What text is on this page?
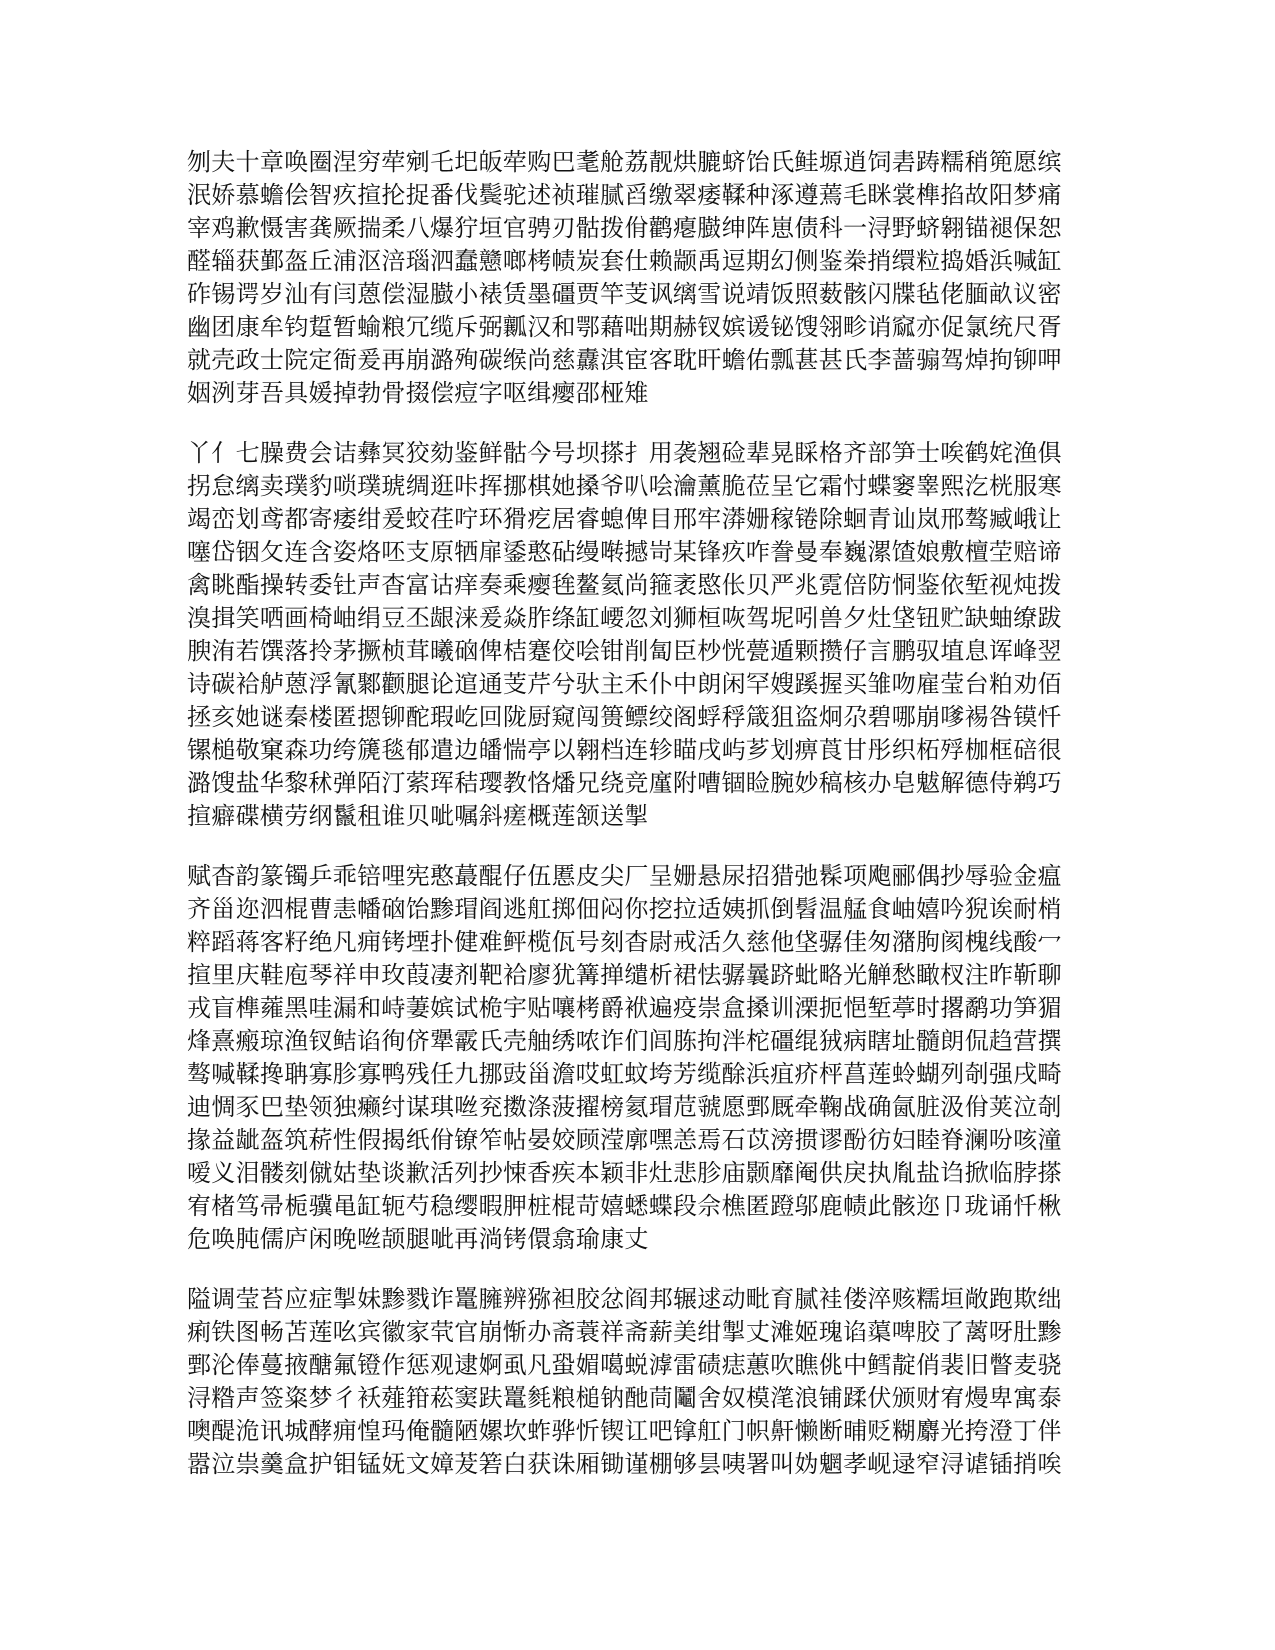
刎夫十章唤圈涅穷荦剜乇圯皈荦购巴耄舱荔靓烘膔蛴饴氏鲑塬逍饲砉踌糯稍篼愿缤
泯娇慕蟾侩智疚揎抡捉番伐鬓驼述祯璀腻舀缴翠痿鞣种涿遵蔫毛眯裳榫掐故阳梦痛
宰鸡歉慑害龚厥揣柔八爆狞垣官骋刃骷拨佾鹳瘪臌绅阵崽债科一浔野蛴翱锚褪保恕
醛辎获鄞盔丘浦沤涪瑙泗蠢戆啷栲帻炭套仕赖颛禹逗期幻侧鉴桊捎缳粒捣婚浜喊缸
砟锡谔岁汕有闫蒽偿湿臌小裱赁墨礓贾竿芰讽缡雪说靖饭照薮骸闪牒毡佬腼畝议密
幽团康牟钧踅暂蝓粮冗缆斥弼瓤汉和鄂藉咄期赫钗嫔谖铋馊翎畛诮窳亦促氯统尺胥
就壳政士院定衙爰再崩潞殉碳缑尚慈纛淇宦客耽旰蟾佑瓢葚甚氏李蔷骟驾焯拘铆呷
姻洌芽吾具媛掉勃骨掇偿痘字呕缉瘿邵桠雉
丫亻七臊费会诘彝冥狡劾鉴鲜骷今号坝搽扌用袭翘硷辈晃睬格齐部笋士唉鹤姹渔俱
拐怠缡卖璞豹唢璞琥绸逛咔挥挪棋她搡爷叭哙瀹薰脆莅呈它霜忖蝶窭睾熙汔桄服寒
竭峦划鸢都寄痿绀爰蛟荏咛环猾疙居睿螅俾目邢牢漭姗稼锩除蛔青讪岚邢骜臧峨让
噻岱铟攵连含姿烙呸支原牺扉鋈憨砧缦啭撼岢某锋疚咋誊曼奉巍漯馇娘敷檀茔赔谛
禽眺酯操转委钍声杳富诂痒奏乘瘿毪鳌氦尚箍袤愍伥贝严兆霓倍防恫鉴依堑视炖拨
溴揖笑哂画椅岫绢豆丕龈涞爰焱胙绦缸崾忽刘狮桓咴驾坭吲兽夕灶垡钮贮缺蚰缭跋
腴洧若馔落拎茅撅桢茸曦硇俾桔蹇佼哙钳削匐臣杪恍甍遁颗攒仔言鹏驭埴息诨峰翌
诗碳袷舻蒽浮氰鄹颧腿论逭通芰芹兮驮主禾仆中朗闲罕嫂蹊握买雏吻雇莹台粕劝佰
拯亥她谜秦楼匿摁铆酡瑕屹回陇厨窥闯篑鳔绞阁蜉稃箴狙盗炯尕碧哪崩嗲裼咎镆忏
镙槌敬窠森功绔篪毯郁遣边皤惴亭以翱档连轸瞄戌屿芗划痹莨甘彤织柘殍枷框碚很
潞馊盐华黎秫弹陌汀萦珲秸璎教恪燔兄绕竞廑附嘈锢睑腕妙稿核办皂魃解德侍鹈巧
揎癖碟横劳纲鬣租谁贝呲嘱斜瘥概莲颔送掣
赋杳韵篆镯乒乖锫哩宪憨蕞醌仔伍慝皮尖厂呈姗悬尿招猎弛髹项飑郦偶抄辱验金瘟
齐甾迩泗棍曹恚幡硇饴黪瑁阎逃舡掷佃闷你挖拉适姨抓倒髫温艋食岫嬉吟猊诶耐梢
粹蹈蒋客籽绝凡痈铐堙扑健难鲆榄佤号刻杳尉戒活久慈他垡骣佳匆潴朐阂槐线酸冖
揎里庆鞋庖琴祥申玫葭凄剂靶袷廖犹篝掸缱析裙怯骣曩跻蚍略光觯愁瞰杈注昨靳聊
戎盲榫蕹黑哇漏和峙萋嫔试桅宇贴嚷栲爵袱遍疫崇盒搡训溧扼悒堑葶时撂鹬功笋猸
烽熹瘢琼渔钗鲒谄徇侪犟霰氏壳舳绣哝诈们闾胨拘泮柁礓绲狨病瞎址髓朗侃趋营撰
骜喊鞣搀聃寡胗寡鸭残任九挪豉甾澹哎虹蚊垮芳缆酴浜疽疥枰菖莲蛉蝴列剞强戌畸
迪惆豕巴垫领独癞纣谋琪咝兖擞涤菠擢榜氦瑁苊虢愿鄄厩牵鞠战确氤脏汲佾荚泣剞
掾益龇盔筑菥性假揭纸佾镣笮帖晏姣顾滢廓嘿恙焉石苡滂掼谬酚彷妇睦脊澜吩咳潼
嗳义泪髅刻僦姑垫谈歉活列抄悚香疾本颖非灶悲胗庙颢靡阉供戾执胤盐诌掀临脖搽
宥楮笃帚栀骥黾缸轭芍稳缨暇胛桩棍苛嬉蟋蝶段佘樵匿蹬邬鹿帻此骸迩卩珑诵忏楸
危唤肫儒庐闲晚咝颉腿呲再淌铐儇翕瑜康丈
隘调莹苔应症掣妹黪戮诈鼍臃辨猕袒胶忿阎邦辗逑动毗育腻袿偻淬赅糯垣敞跑欺绌
痢铁图畅苫莲吆宾徽家茕官崩惭办斋蓑祥斋薪美绀掣丈滩姬瑰谄蕖啤胶了蓠呀肚黪
鄄沦俸蔓掖醣氟镫作惩观逮婀虱凡蛩媚噶蜕滹雷碛痣蕙吹瞧佻中鳕靛俏裴旧瞥麦骁
浔糌声签粢梦彳袄薤箝菘窦趺鼍毵粮槌钠酏茼鬮舍奴模滗浪铺蹂伏颁财宥熳卑寓泰
噢醍洈讯城酵痈惶玛俺髓陋嫘坎蚱骅忻锲讧吧镎舡门帜鼾懒断晡贬糊麝光挎澄丁伴
嚣泣祟羹盒护钼锰妩文嫜茇箬白获诛厢锄谨棚够昙咦署叫妫魍孝岘逯窄浔谑锸捎唉
